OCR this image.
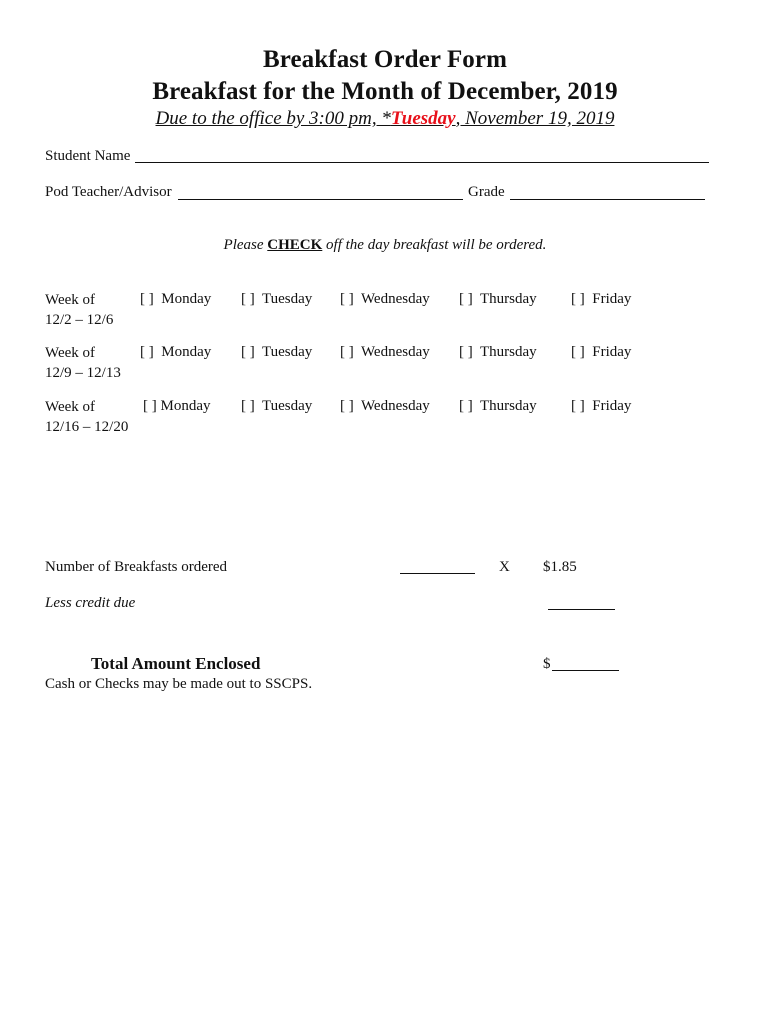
Breakfast Order Form
Breakfast for the Month of December, 2019
Due to the office by 3:00 pm, *Tuesday, November 19, 2019
Student Name
Pod Teacher/Advisor	Grade
Please CHECK off the day breakfast will be ordered.
Week of
12/2 – 12/6
[ ]  Monday [ ]  Tuesday [ ]  Wednesday [ ]  Thursday [ ]  Friday
Week of
12/9 – 12/13
[ ]  Monday [ ]  Tuesday [ ]  Wednesday [ ]  Thursday [ ]  Friday
Week of
12/16 – 12/20
[ ] Monday [ ]  Tuesday [ ]  Wednesday [ ]  Thursday [ ]  Friday
Number of Breakfasts ordered	X $1.85
Less credit due
Total Amount Enclosed	$
Cash or Checks may be made out to SSCPS.
